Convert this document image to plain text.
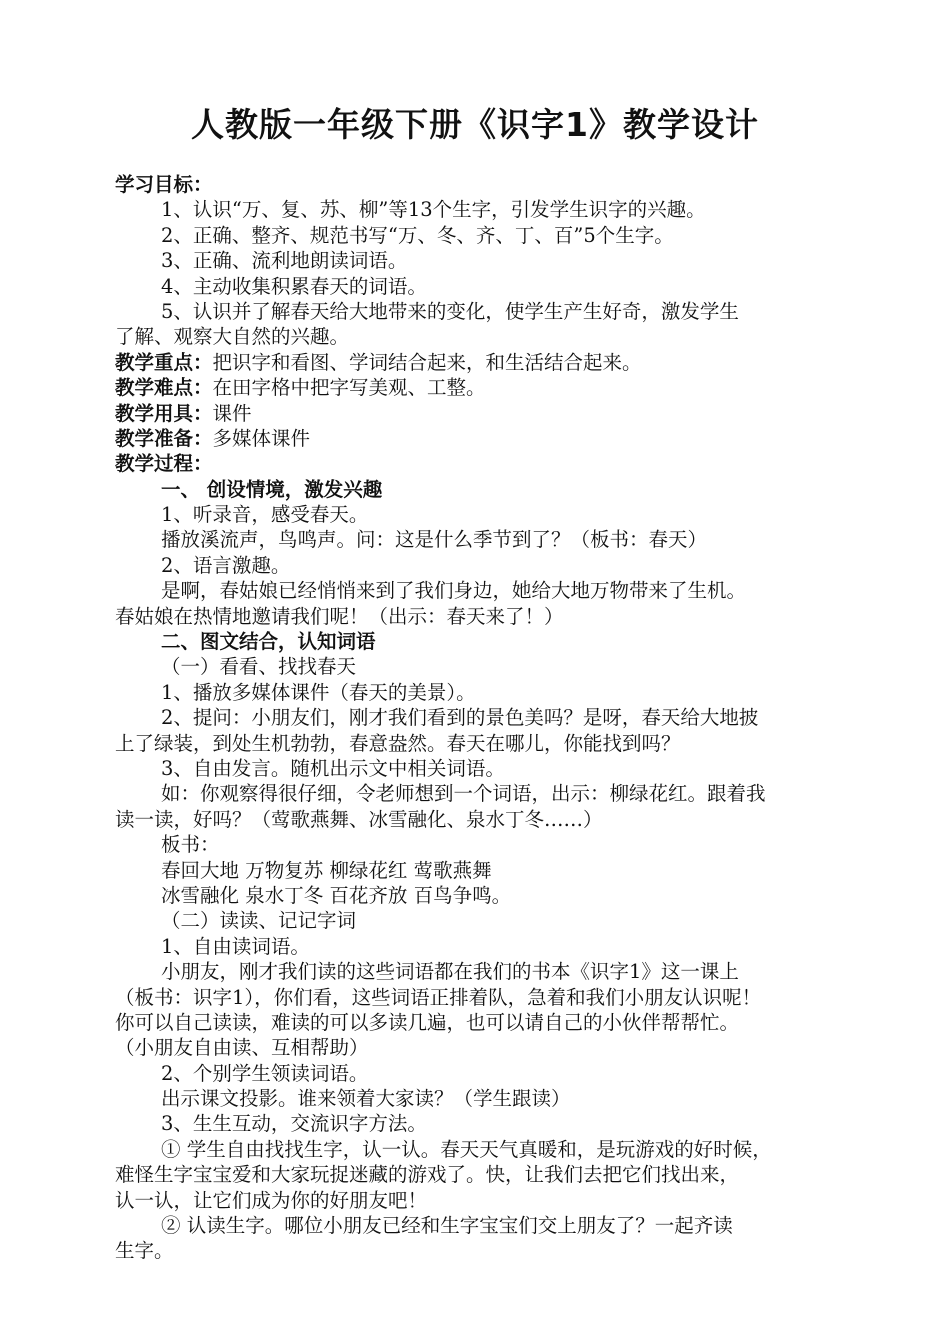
人教版一年级下册《识字1》教学设计
学习目标：
1、认识“万、复、苏、柳”等13个生字，引发学生识字的兴趣。
2、正确、整齐、规范书写“万、冬、齐、丁、百”5个生字。
3、正确、流利地朗读词语。
4、主动收集积累春天的词语。
5、认识并了解春天给大地带来的变化，使学生产生好奇，激发学生
了解、观察大自然的兴趣。
教学重点：把识字和看图、学词结合起来，和生活结合起来。
教学难点：在田字格中把字写美观、工整。
教学用具：课件
教学准备：多媒体课件
教学过程：
一、 创设情境，激发兴趣
1、听录音，感受春天。
播放溪流声，鸟鸣声。问：这是什么季节到了？（板书：春天）
2、语言激趣。
是啊，春姑娘已经悄悄来到了我们身边，她给大地万物带来了生机。
春姑娘在热情地邀请我们呢！（出示：春天来了！）
二、图文结合，认知词语
（一）看看、找找春天
1、播放多媒体课件（春天的美景）。
2、提问：小朋友们，刚才我们看到的景色美吗？是呀，春天给大地披
上了绿装，到处生机勃勃，春意盎然。春天在哪儿，你能找到吗？
3、自由发言。随机出示文中相关词语。
如：你观察得很仔细，令老师想到一个词语，出示：柳绿花红。跟着我
读一读，好吗？（莺歌燕舞、冰雪融化、泉水丁冬……）
板书：
春回大地 万物复苏 柳绿花红 莺歌燕舞
冰雪融化 泉水丁冬 百花齐放 百鸟争鸣。
（二）读读、记记字词
1、自由读词语。
小朋友，刚才我们读的这些词语都在我们的书本《识字1》这一课上
（板书：识字1），你们看，这些词语正排着队，急着和我们小朋友认识呢！
你可以自己读读，难读的可以多读几遍，也可以请自己的小伙伴帮帮忙。
（小朋友自由读、互相帮助）
2、个别学生领读词语。
出示课文投影。谁来领着大家读？（学生跟读）
3、生生互动，交流识字方法。
① 学生自由找找生字，认一认。春天天气真暖和，是玩游戏的好时候，
难怪生字宝宝爱和大家玩捉迷藏的游戏了。快，让我们去把它们找出来，
认一认，让它们成为你的好朋友吧！
② 认读生字。哪位小朋友已经和生字宝宝们交上朋友了？一起齐读
生字。
